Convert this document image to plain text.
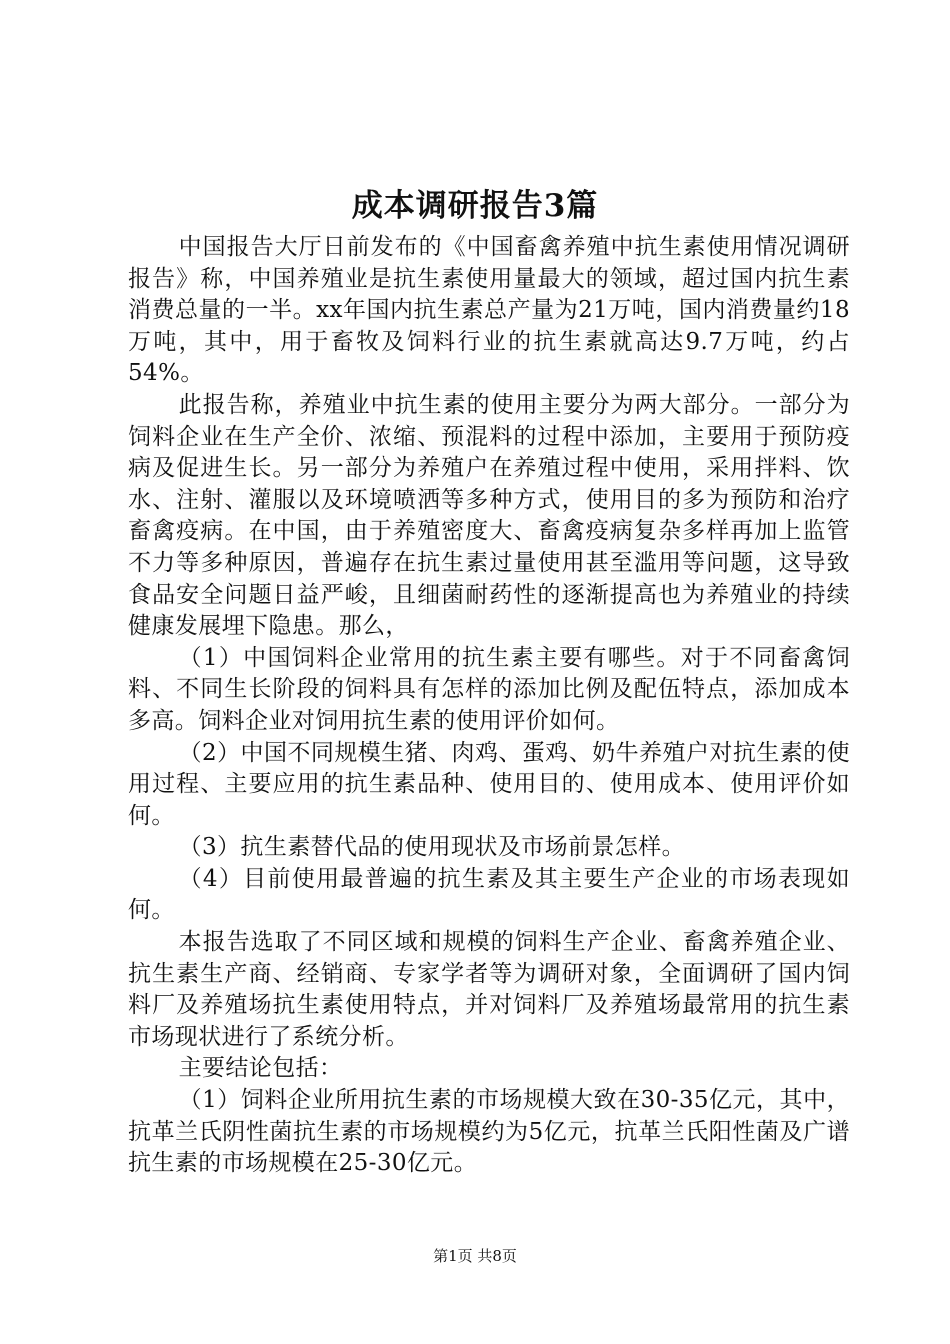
成本调研报告3篇

中国报告大厅日前发布的《中国畜禽养殖中抗生素使用情况调研报告》称，中国养殖业是抗生素使用量最大的领域，超过国内抗生素消费总量的一半。xx年国内抗生素总产量为21万吨，国内消费量约18万吨，其中，用于畜牧及饲料行业的抗生素就高达9.7万吨，约占54%。

此报告称，养殖业中抗生素的使用主要分为两大部分。一部分为饲料企业在生产全价、浓缩、预混料的过程中添加，主要用于预防疫病及促进生长。另一部分为养殖户在养殖过程中使用，采用拌料、饮水、注射、灌服以及环境喷洒等多种方式，使用目的多为预防和治疗畜禽疫病。在中国，由于养殖密度大、畜禽疫病复杂多样再加上监管不力等多种原因，普遍存在抗生素过量使用甚至滥用等问题，这导致食品安全问题日益严峻，且细菌耐药性的逐渐提高也为养殖业的持续健康发展埋下隐患。那么，

（1）中国饲料企业常用的抗生素主要有哪些。对于不同畜禽饲料、不同生长阶段的饲料具有怎样的添加比例及配伍特点，添加成本多高。饲料企业对饲用抗生素的使用评价如何。

（2）中国不同规模生猪、肉鸡、蛋鸡、奶牛养殖户对抗生素的使用过程、主要应用的抗生素品种、使用目的、使用成本、使用评价如何。

（3）抗生素替代品的使用现状及市场前景怎样。

（4）目前使用最普遍的抗生素及其主要生产企业的市场表现如何。

本报告选取了不同区域和规模的饲料生产企业、畜禽养殖企业、抗生素生产商、经销商、专家学者等为调研对象，全面调研了国内饲料厂及养殖场抗生素使用特点，并对饲料厂及养殖场最常用的抗生素市场现状进行了系统分析。

主要结论包括：

（1）饲料企业所用抗生素的市场规模大致在30-35亿元，其中，抗革兰氏阴性菌抗生素的市场规模约为5亿元，抗革兰氏阳性菌及广谱抗生素的市场规模在25-30亿元。

第1页 共8页
